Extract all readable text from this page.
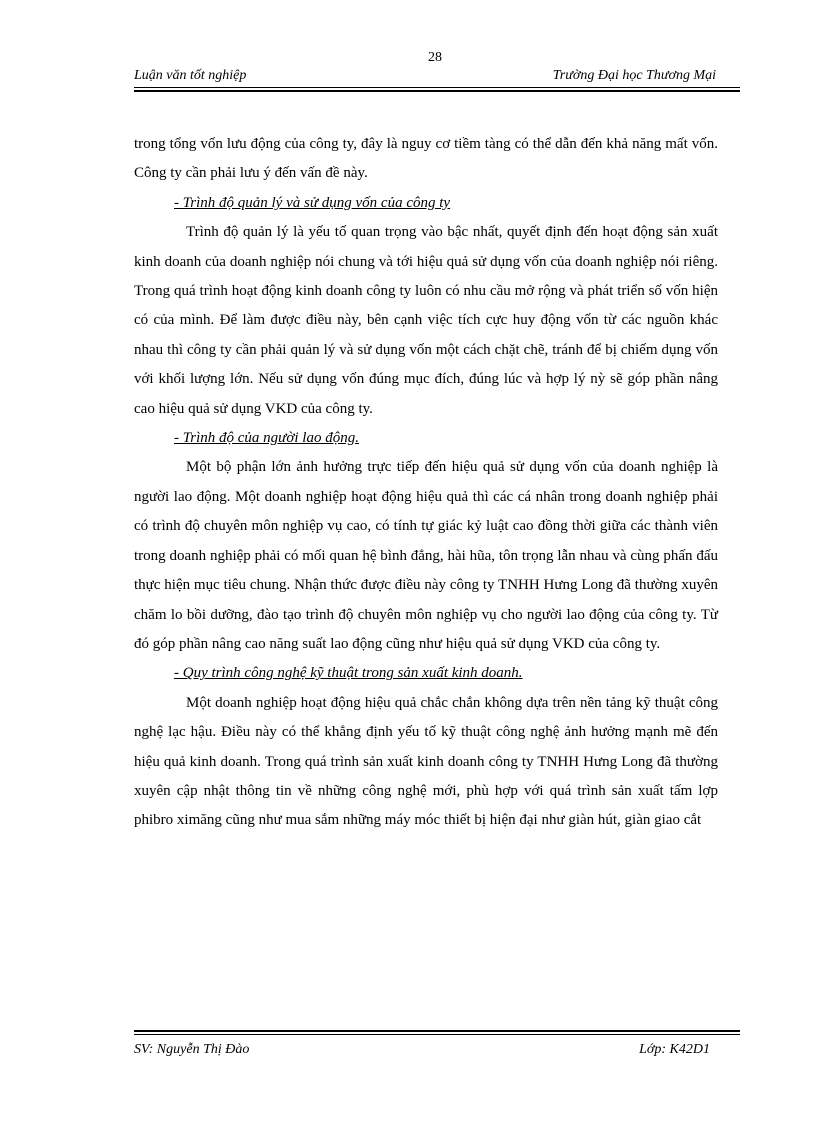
28
Luận văn tốt nghiệp	Trường Đại học Thương Mại

trong tổng vốn lưu động của công ty, đây là nguy cơ tiềm tàng có thể dẫn đến khả năng mất vốn. Công ty cần phải lưu ý đến vấn đề này.

- Trình độ quản lý và sử dụng vốn của công ty

Trình độ quản lý là yếu tố quan trọng vào bậc nhất, quyết định đến hoạt động sản xuất kinh doanh của doanh nghiệp nói chung và tới hiệu quả sử dụng vốn của doanh nghiệp nói riêng. Trong quá trình hoạt động kinh doanh công ty luôn có nhu cầu mở rộng và phát triển số vốn hiện có của mình. Để làm được điều này, bên cạnh việc tích cực huy động vốn từ các nguồn khác nhau thì công ty cần phải quản lý và sử dụng vốn một cách chặt chẽ, tránh để bị chiếm dụng vốn với khối lượng lớn. Nếu sử dụng vốn đúng mục đích, đúng lúc và hợp lý nỳ sẽ góp phần nâng cao hiệu quả sử dụng VKD của công ty.

- Trình độ của người lao động.

Một bộ phận lớn ảnh hưởng trực tiếp đến hiệu quả sử dụng vốn của doanh nghiệp là người lao động. Một doanh nghiệp hoạt động hiệu quả thì các cá nhân trong doanh nghiệp phải có trình độ chuyên môn nghiệp vụ cao, có tính tự giác kỷ luật cao đồng thời giữa các thành viên trong doanh nghiệp phải có mối quan hệ bình đẳng, hài hũa, tôn trọng lẫn nhau và cùng phấn đấu thực hiện mục tiêu chung. Nhận thức được điều này công ty TNHH Hưng Long đã thường xuyên chăm lo bồi dưỡng, đào tạo trình độ chuyên môn nghiệp vụ cho người lao động của công ty. Từ đó góp phần nâng cao năng suất lao động cũng như hiệu quả sử dụng VKD của công ty.

- Quy trình công nghệ kỹ thuật trong sản xuất kinh doanh.

Một doanh nghiệp hoạt động hiệu quả chắc chắn không dựa trên nền tảng kỹ thuật công nghệ lạc hậu. Điều này có thể khẳng định yếu tố kỹ thuật công nghệ ảnh hưởng mạnh mẽ đến hiệu quả kinh doanh. Trong quá trình sản xuất kinh doanh công ty TNHH Hưng Long đã thường xuyên cập nhật thông tin về những công nghệ mới, phù hợp với quá trình sản xuất tấm lợp phibro ximăng cũng như mua sắm những máy móc thiết bị hiện đại như giàn hút, giàn giao cắt

SV: Nguyễn Thị Đào	Lớp: K42D1
